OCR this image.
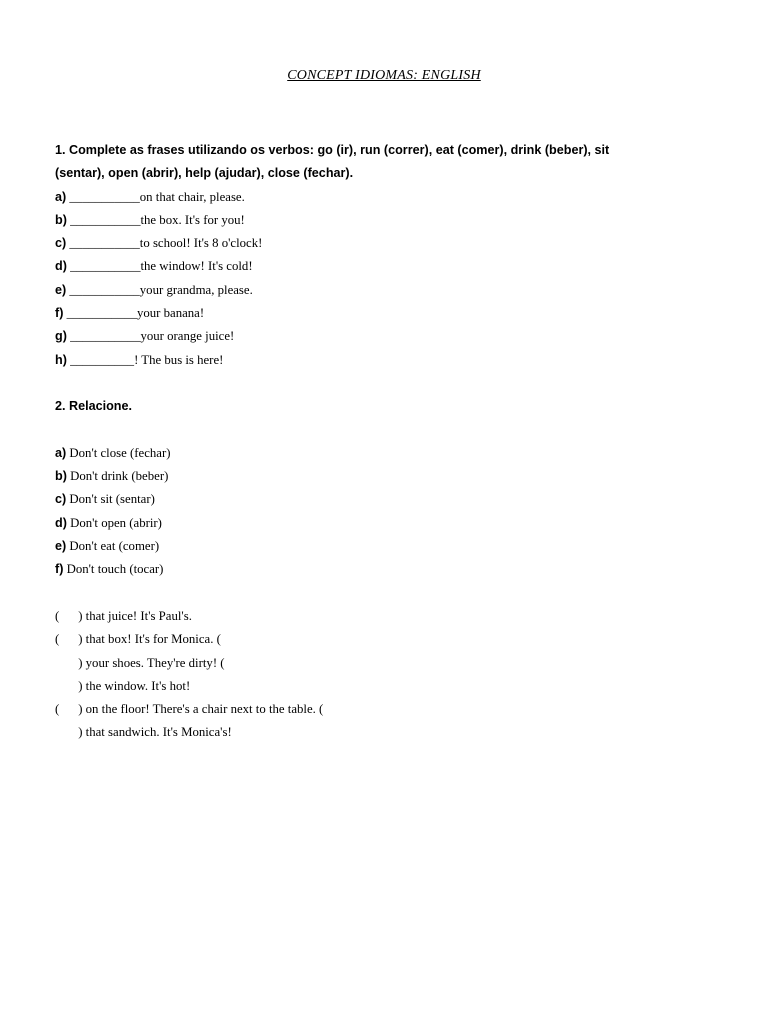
CONCEPT IDIOMAS: ENGLISH
1. Complete as frases utilizando os verbos: go (ir), run (correr), eat (comer), drink (beber), sit
(sentar), open (abrir), help (ajudar), close (fechar).
a) ___________on that chair, please.
b) ___________the box. It's for you!
c) ___________to school! It's 8 o'clock!
d) ___________the window! It's cold!
e) ___________your grandma, please.
f) ___________your banana!
g) ___________your orange juice!
h) __________! The bus is here!
2. Relacione.
a) Don't close (fechar)
b) Don't drink (beber)
c) Don't sit (sentar)
d) Don't open (abrir)
e) Don't eat (comer)
f) Don't touch (tocar)
( ) that juice! It's Paul's.
( ) that box! It's for Monica. (
) your shoes. They're dirty! (
) the window. It's hot!
( ) on the floor! There's a chair next to the table. (
) that sandwich. It's Monica's!
